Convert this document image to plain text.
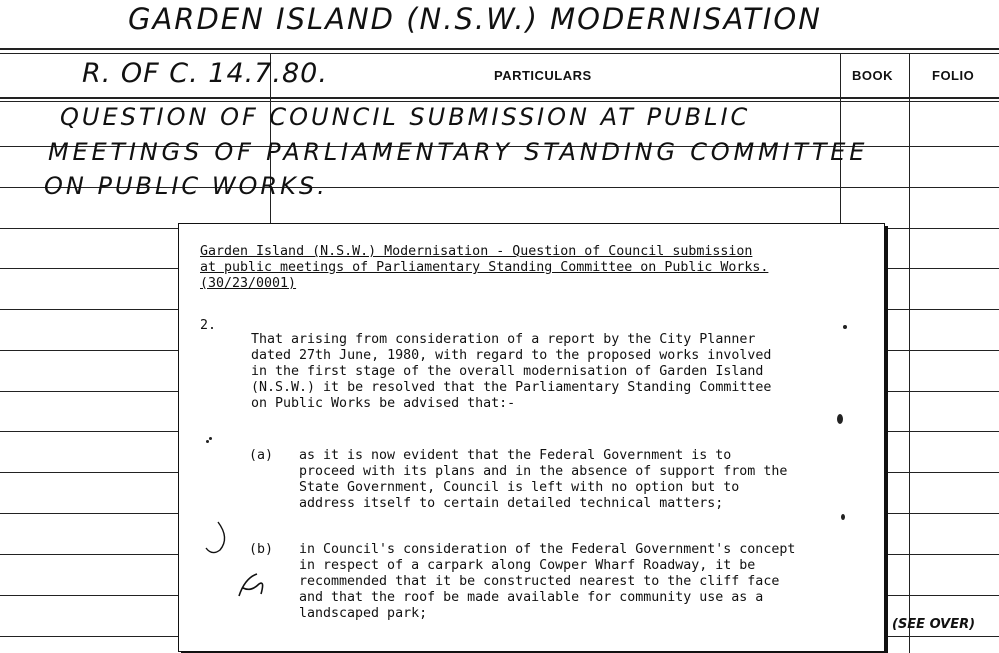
GARDEN ISLAND (N.S.W.) MODERNISATION
R. OF C. 14.7.80.	PARTICULARS	BOOK	FOLIO
QUESTION OF COUNCIL SUBMISSION AT PUBLIC
MEETINGS OF PARLIAMENTARY STANDING COMMITTEE
ON PUBLIC WORKS.
Garden Island (N.S.W.) Modernisation - Question of Council submission
at public meetings of Parliamentary Standing Committee on Public Works.
(30/23/0001)
2.
That arising from consideration of a report by the City Planner
dated 27th June, 1980, with regard to the proposed works involved
in the first stage of the overall modernisation of Garden Island
(N.S.W.) it be resolved that the Parliamentary Standing Committee
on Public Works be advised that:-
(a) as it is now evident that the Federal Government is to
proceed with its plans and in the absence of support from the
State Government, Council is left with no option but to
address itself to certain detailed technical matters;
(b) in Council's consideration of the Federal Government's concept
in respect of a carpark along Cowper Wharf Roadway, it be
recommended that it be constructed nearest to the cliff face
and that the roof be made available for community use as a
landscaped park;
(SEE OVER)
